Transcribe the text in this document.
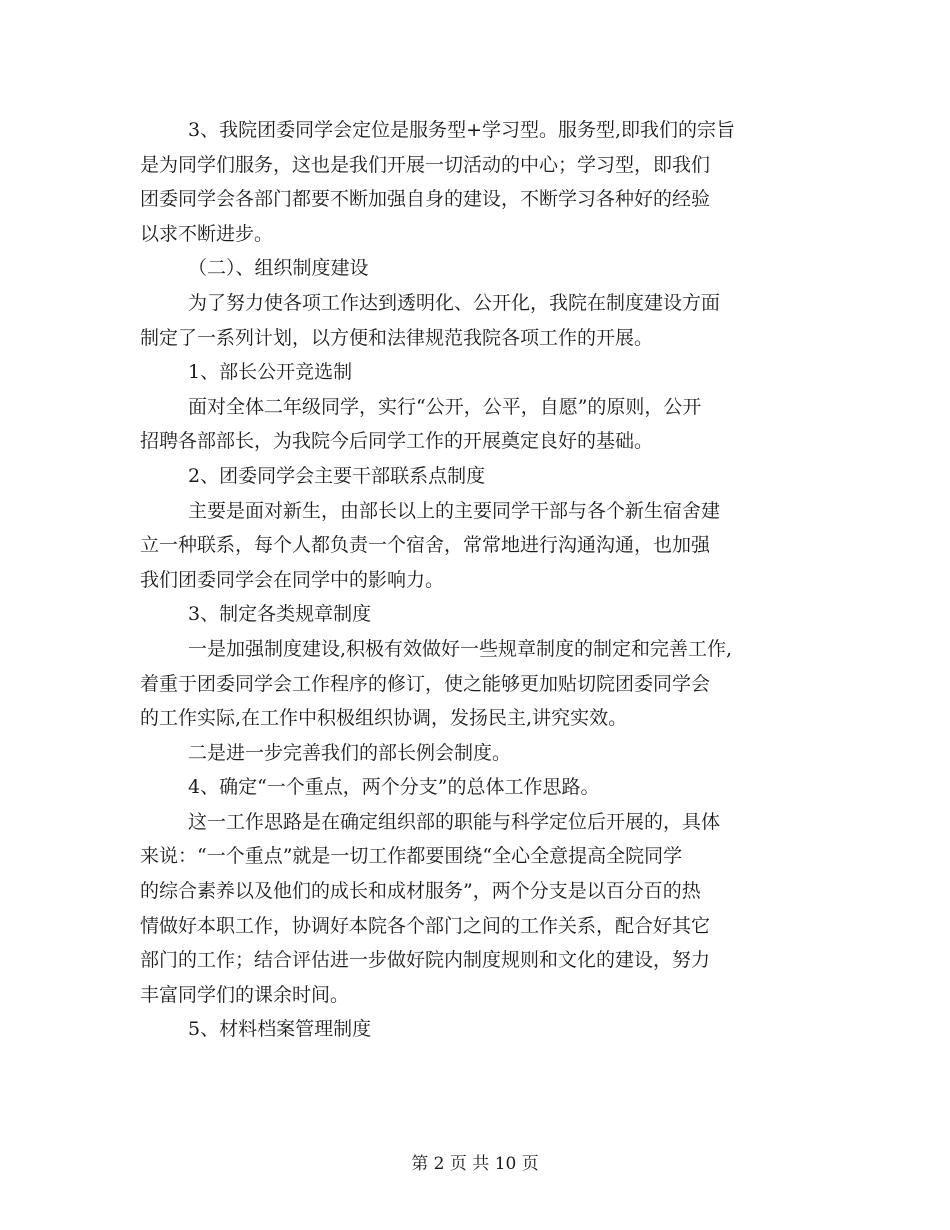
3、我院团委同学会定位是服务型+学习型。服务型,即我们的宗旨
是为同学们服务，这也是我们开展一切活动的中心；学习型，即我们
团委同学会各部门都要不断加强自身的建设，不断学习各种好的经验
以求不断进步。
（二）、组织制度建设
为了努力使各项工作达到透明化、公开化，我院在制度建设方面
制定了一系列计划，以方便和法律规范我院各项工作的开展。
1、部长公开竞选制
面对全体二年级同学，实行“公开，公平，自愿”的原则，公开
招聘各部部长，为我院今后同学工作的开展奠定良好的基础。
2、团委同学会主要干部联系点制度
主要是面对新生，由部长以上的主要同学干部与各个新生宿舍建
立一种联系，每个人都负责一个宿舍，常常地进行沟通沟通，也加强
我们团委同学会在同学中的影响力。
3、制定各类规章制度
一是加强制度建设,积极有效做好一些规章制度的制定和完善工作,
着重于团委同学会工作程序的修订，使之能够更加贴切院团委同学会
的工作实际,在工作中积极组织协调，发扬民主,讲究实效。
二是进一步完善我们的部长例会制度。
4、确定“一个重点，两个分支”的总体工作思路。
这一工作思路是在确定组织部的职能与科学定位后开展的，具体
来说：“一个重点”就是一切工作都要围绕“全心全意提高全院同学
的综合素养以及他们的成长和成材服务”，两个分支是以百分百的热
情做好本职工作，协调好本院各个部门之间的工作关系，配合好其它
部门的工作；结合评估进一步做好院内制度规则和文化的建设，努力
丰富同学们的课余时间。
5、材料档案管理制度
第 2 页 共 10 页
